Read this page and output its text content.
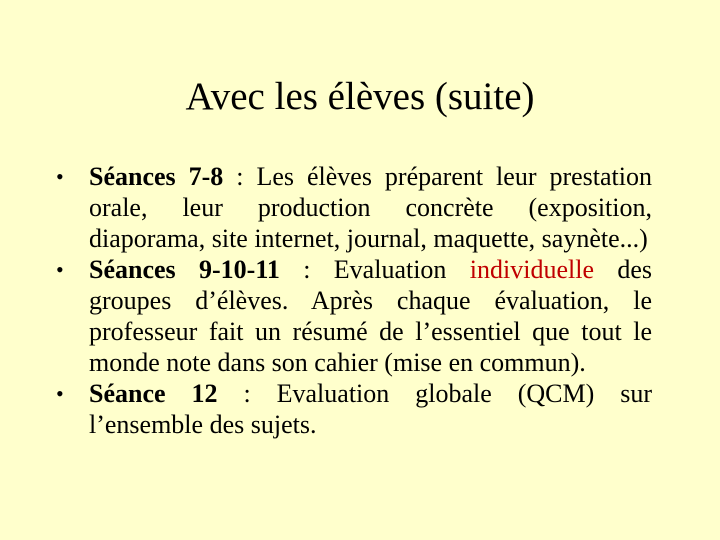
Avec les élèves (suite)
• Séances 7-8 : Les élèves préparent leur prestation orale, leur production concrète (exposition, diaporama, site internet, journal, maquette, saynète...)
• Séances 9-10-11 : Evaluation individuelle des groupes d’élèves. Après chaque évaluation, le professeur fait un résumé de l’essentiel que tout le monde note dans son cahier (mise en commun).
• Séance 12 : Evaluation globale (QCM) sur l’ensemble des sujets.
